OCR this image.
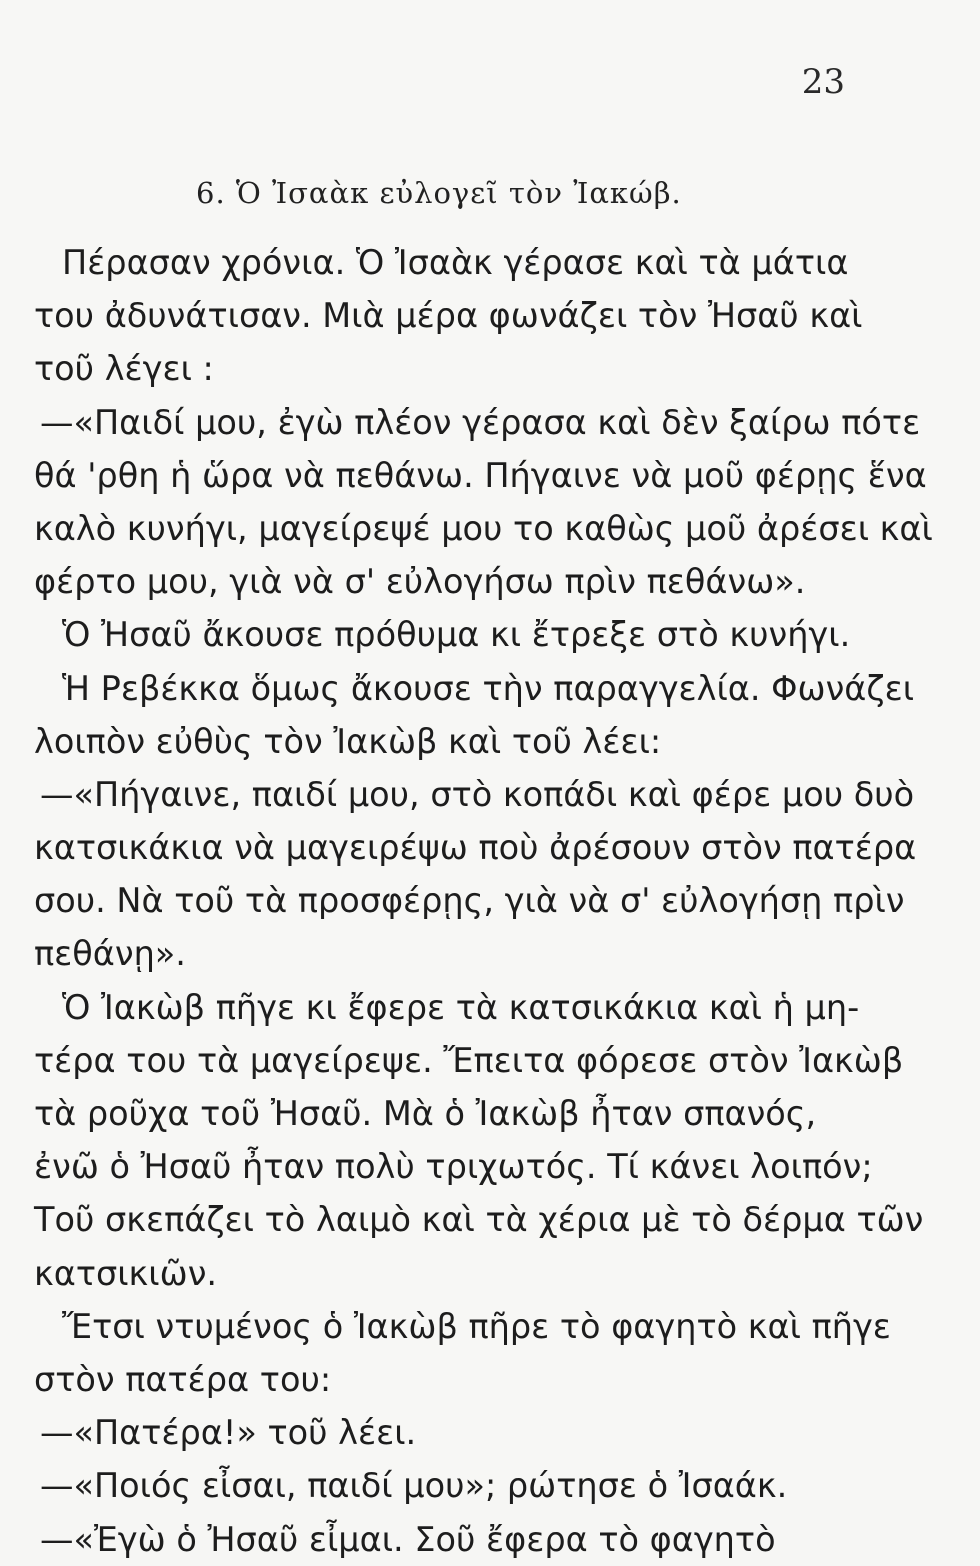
23
6. Ὁ Ἰσαὰκ εὐλογεῖ τὸν Ἰακώβ.
Πέρασαν χρόνια. Ὁ Ἰσαὰκ γέρασε καὶ τὰ μάτια
του ἀδυνάτισαν. Μιὰ μέρα φωνάζει τὸν Ἠσαῦ καὶ
τοῦ λέγει :
—«Παιδί μου, ἐγὼ πλέον γέρασα καὶ δὲν ξαίρω πότε
θά 'ρθη ἡ ὥρα νὰ πεθάνω. Πήγαινε νὰ μοῦ φέρῃς ἕνα
καλὸ κυνήγι, μαγείρεψέ μου το καθὼς μοῦ ἀρέσει καὶ
φέρτο μου, γιὰ νὰ σ' εὐλογήσω πρὶν πεθάνω».
Ὁ Ἠσαῦ ἄκουσε πρόθυμα κι ἔτρεξε στὸ κυνήγι.
Ἡ Ρεβέκκα ὅμως ἄκουσε τὴν παραγγελία. Φωνάζει
λοιπὸν εὐθὺς τὸν Ἰακὼβ καὶ τοῦ λέει:
—«Πήγαινε, παιδί μου, στὸ κοπάδι καὶ φέρε μου δυὸ
κατσικάκια νὰ μαγειρέψω ποὺ ἀρέσουν στὸν πατέρα
σου. Νὰ τοῦ τὰ προσφέρῃς, γιὰ νὰ σ' εὐλογήσῃ πρὶν
πεθάνῃ».
Ὁ Ἰακὼβ πῆγε κι ἔφερε τὰ κατσικάκια καὶ ἡ μη-
τέρα του τὰ μαγείρεψε. Ἔπειτα φόρεσε στὸν Ἰακὼβ
τὰ ροῦχα τοῦ Ἠσαῦ. Μὰ ὁ Ἰακὼβ ἦταν σπανός,
ἐνῶ ὁ Ἠσαῦ ἦταν πολὺ τριχωτός. Τί κάνει λοιπόν;
Τοῦ σκεπάζει τὸ λαιμὸ καὶ τὰ χέρια μὲ τὸ δέρμα τῶν
κατσικιῶν.
Ἔτσι ντυμένος ὁ Ἰακὼβ πῆρε τὸ φαγητὸ καὶ πῆγε
στὸν πατέρα του:
—«Πατέρα!» τοῦ λέει.
—«Ποιός εἶσαι, παιδί μου»; ρώτησε ὁ Ἰσαάκ.
—«Ἐγὼ ὁ Ἠσαῦ εἶμαι. Σοῦ ἔφερα τὸ φαγητὸ
